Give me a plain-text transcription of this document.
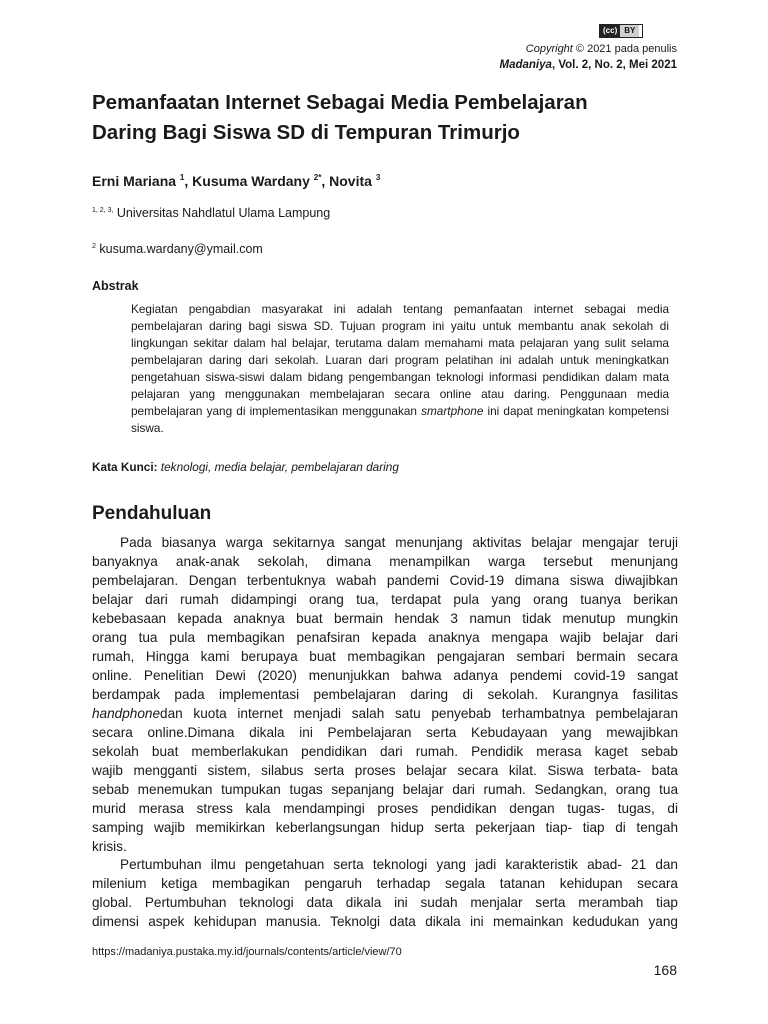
(cc) BY
Copyright © 2021 pada penulis
Madaniya, Vol. 2, No. 2, Mei 2021
Pemanfaatan Internet Sebagai Media Pembelajaran
Daring Bagi Siswa SD di Tempuran Trimurjo
Erni Mariana $^1$, Kusuma Wardany $^{2*}$, Novita $^3$
$^{1, 2, 3,}$ Universitas Nahdlatul Ulama Lampung
$^2$ kusuma.wardany@ymail.com
Abstrak

Kegiatan pengabdian masyarakat ini adalah tentang pemanfaatan internet sebagai media pembelajaran daring bagi siswa SD. Tujuan program ini yaitu untuk membantu anak sekolah di lingkungan sekitar dalam hal belajar, terutama dalam memahami mata pelajaran yang sulit selama pembelajaran daring dari sekolah. Luaran dari program pelatihan ini adalah untuk meningkatkan pengetahuan siswa-siswi dalam bidang pengembangan teknologi informasi pendidikan dalam mata pelajaran yang menggunakan membelajaran secara online atau daring. Penggunaan media pembelajaran yang di implementasikan menggunakan smartphone ini dapat meningkatan kompetensi siswa.

Kata Kunci: teknologi, media belajar, pembelajaran daring
Pendahuluan
Pada biasanya warga sekitarnya sangat menunjang aktivitas belajar mengajar teruji
banyaknya anak-anak sekolah, dimana menampilkan warga tersebut menunjang
pembelajaran. Dengan terbentuknya wabah pandemi Covid-19 dimana siswa diwajibkan
belajar dari rumah didampingi orang tua, terdapat pula yang orang tuanya berikan
kebebasaan kepada anaknya buat bermain hendak 3 namun tidak menutup mungkin
orang tua pula membagikan penafsiran kepada anaknya mengapa wajib belajar dari
rumah, Hingga kami berupaya buat membagikan pengajaran sembari bermain secara
online. Penelitian Dewi (2020) menunjukkan bahwa adanya pendemi covid-19 sangat
berdampak pada implementasi pembelajaran daring di sekolah. Kurangnya fasilitas
handphonedan kuota internet menjadi salah satu penyebab terhambatnya pembelajaran
secara online.Dimana dikala ini Pembelajaran serta Kebudayaan yang mewajibkan
sekolah buat memberlakukan pendidikan dari rumah. Pendidik merasa kaget sebab
wajib mengganti sistem, silabus serta proses belajar secara kilat. Siswa terbata- bata
sebab menemukan tumpukan tugas sepanjang belajar dari rumah. Sedangkan, orang tua
murid merasa stress kala mendampingi proses pendidikan dengan tugas- tugas, di
samping wajib memikirkan keberlangsungan hidup serta pekerjaan tiap- tiap di tengah
krisis.
Pertumbuhan ilmu pengetahuan serta teknologi yang jadi karakteristik abad- 21 dan
milenium ketiga membagikan pengaruh terhadap segala tatanan kehidupan secara
global. Pertumbuhan teknologi data dikala ini sudah menjalar serta merambah tiap
dimensi aspek kehidupan manusia. Teknolgi data dikala ini memainkan kedudukan yang
https://madaniya.pustaka.my.id/journals/contents/article/view/70
168
